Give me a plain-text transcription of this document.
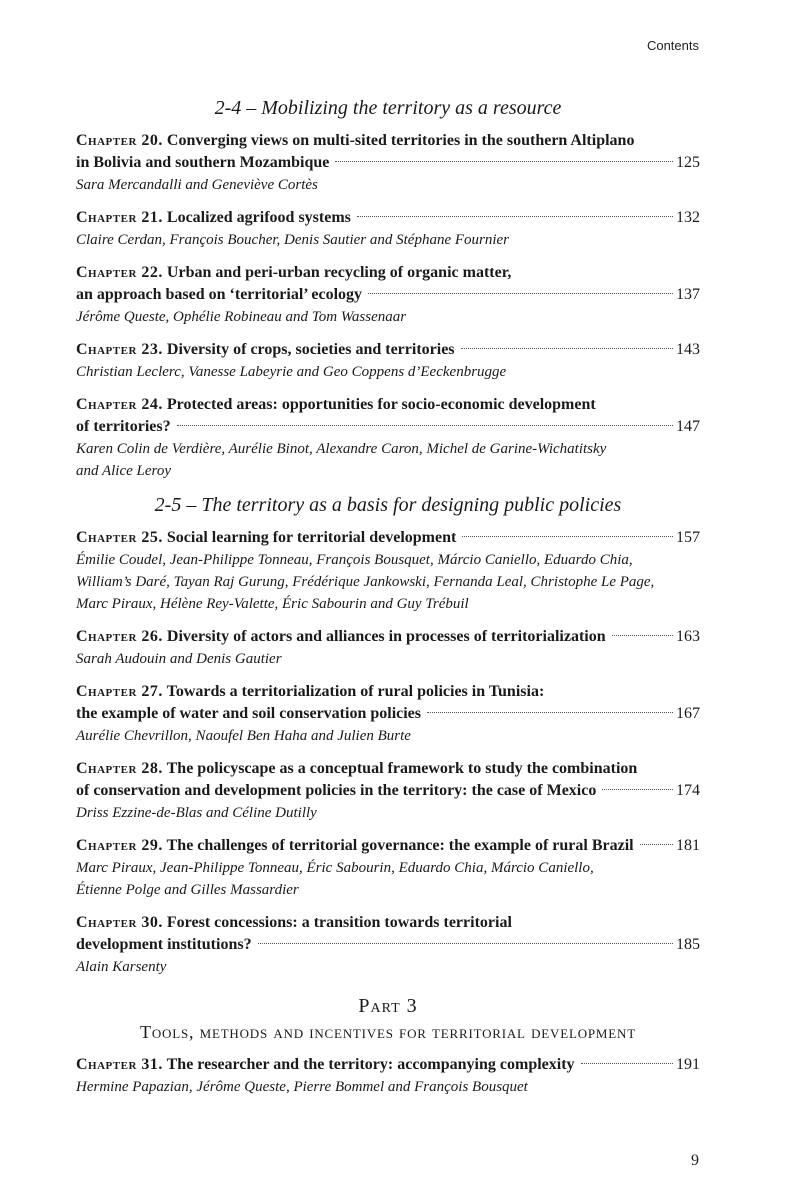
Contents
2-4 – Mobilizing the territory as a resource
Chapter 20. Converging views on multi-sited territories in the southern Altiplano
in Bolivia and southern Mozambique	125
Sara Mercandalli and Geneviève Cortès
Chapter 21. Localized agrifood systems	132
Claire Cerdan, François Boucher, Denis Sautier and Stéphane Fournier
Chapter 22. Urban and peri-urban recycling of organic matter,
an approach based on ‘territorial’ ecology	137
Jérôme Queste, Ophélie Robineau and Tom Wassenaar
Chapter 23. Diversity of crops, societies and territories	143
Christian Leclerc, Vanesse Labeyrie and Geo Coppens d’Eeckenbrugge
Chapter 24. Protected areas: opportunities for socio-economic development
of territories?	147
Karen Colin de Verdière, Aurélie Binot, Alexandre Caron, Michel de Garine-Wichatitsky
and Alice Leroy
2-5 – The territory as a basis for designing public policies
Chapter 25. Social learning for territorial development	157
Émilie Coudel, Jean-Philippe Tonneau, François Bousquet, Márcio Caniello, Eduardo Chia,
William’s Daré, Tayan Raj Gurung, Frédérique Jankowski, Fernanda Leal, Christophe Le Page,
Marc Piraux, Hélène Rey-Valette, Éric Sabourin and Guy Trébuil
Chapter 26. Diversity of actors and alliances in processes of territorialization	163
Sarah Audouin and Denis Gautier
Chapter 27. Towards a territorialization of rural policies in Tunisia:
the example of water and soil conservation policies	167
Aurélie Chevrillon, Naoufel Ben Haha and Julien Burte
Chapter 28. The policyscape as a conceptual framework to study the combination
of conservation and development policies in the territory: the case of Mexico	174
Driss Ezzine-de-Blas and Céline Dutilly
Chapter 29. The challenges of territorial governance: the example of rural Brazil	181
Marc Piraux, Jean-Philippe Tonneau, Éric Sabourin, Eduardo Chia, Márcio Caniello,
Étienne Polge and Gilles Massardier
Chapter 30. Forest concessions: a transition towards territorial
development institutions?	185
Alain Karsenty
Part 3
Tools, methods and incentives for territorial development
Chapter 31. The researcher and the territory: accompanying complexity	191
Hermine Papazian, Jérôme Queste, Pierre Bommel and François Bousquet
9
